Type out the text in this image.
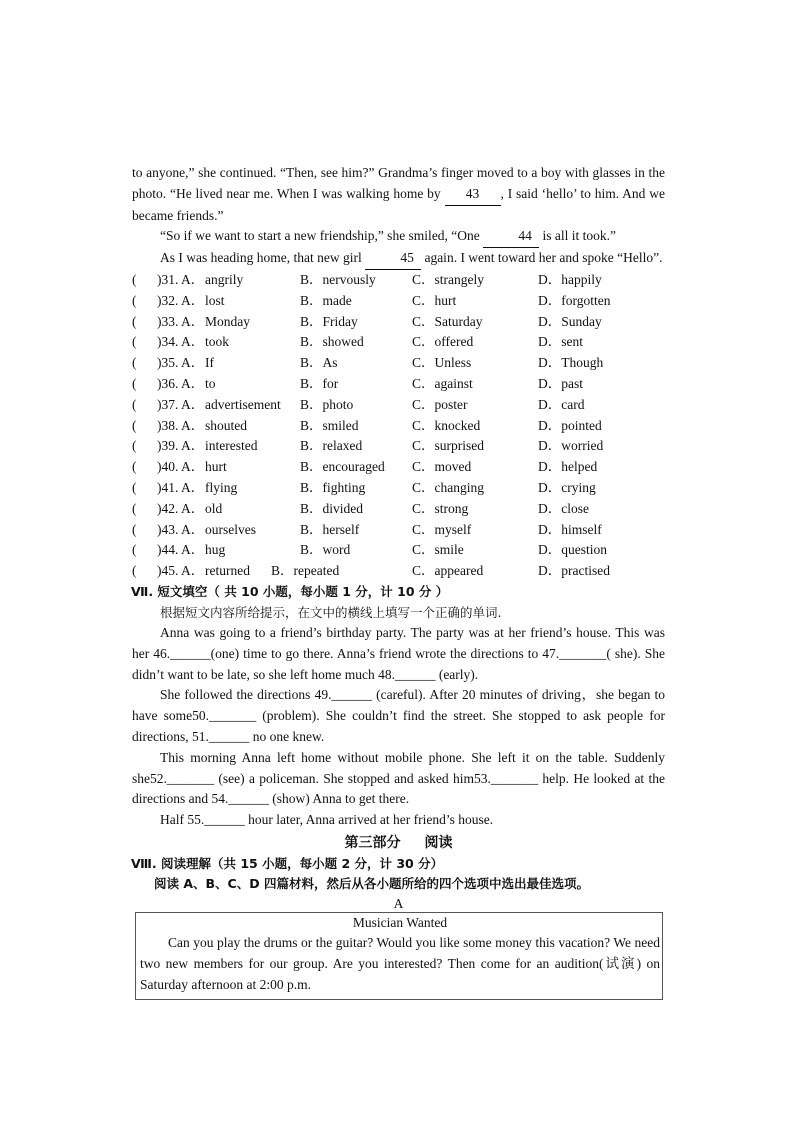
to anyone,” she continued. “Then, see him?” Grandma’s finger moved to a boy with glasses in the photo. “He lived near me. When I was walking home by 43 , I said ‘hello’ to him. And we became friends.”

“So if we want to start a new friendship,” she smiled, “One	44 is all it took.”

As I was heading home, that new girl	45 again. I went toward her and spoke “Hello”.

(	)31. A． angrily	B．nervously	C．strangely	D．happily
(	)32. A． lost	B．made	C．hurt	D．forgotten
(	)33. A． Monday	B．Friday	C．Saturday	D．Sunday
(	)34. A． took	B．showed	C．offered	D．sent
(	)35. A． If	B．As	C．Unless	D．Though
(	)36. A． to	B．for	C．against	D．past
(	)37. A． advertisement	B．photo	C．poster	D．card
(	)38. A． shouted	B．smiled	C．knocked	D．pointed
(	)39. A． interested	B．relaxed	C．surprised	D．worried
(	)40. A． hurt	B．encouraged	C．moved	D．helped
(	)41. A． flying	B．fighting	C．changing	D．crying
(	)42. A． old	B．divided	C．strong	D．close
(	)43. A． ourselves	B．herself	C．myself	D．himself
(	)44. A． hug	B．word	C．smile	D．question
(	)45. A． returned	B．repeated	C．appeared	D．practised
Ⅶ. 短文填空（ 共 10 小题，每小题 1 分，计 10 分 ）
根据短文内容所给提示，在文中的横线上填写一个正确的单词.

Anna was going to a friend’s birthday party. The party was at her friend’s house. This was her 46.______(one) time to go there. Anna’s friend wrote the directions to 47._______( she). She didn’t want to be late, so she left home much 48.______ (early).

She followed the directions 49.______ (careful). After 20 minutes of driving，she began to have some50._______ (problem). She couldn’t find the street. She stopped to ask people for directions, 51.______ no one knew.

This morning Anna left home without mobile phone. She left it on the table. Suddenly she52._______ (see) a policeman. She stopped and asked him53._______ help. He looked at the directions and 54.______ (show) Anna to get there.

Half 55.______ hour later, Anna arrived at her friend’s house.

第三部分 阅读
Ⅷ. 阅读理解（共 15 小题，每小题 2 分，计 30 分）
阅读 A、B、C、D 四篇材料，然后从各小题所给的四个选项中选出最佳选项。
A
Musician Wanted

Can you play the drums or the guitar? Would you like some money this vacation? We need two new members for our group. Are you interested? Then come for an audition(试演) on Saturday afternoon at 2:00 p.m.
